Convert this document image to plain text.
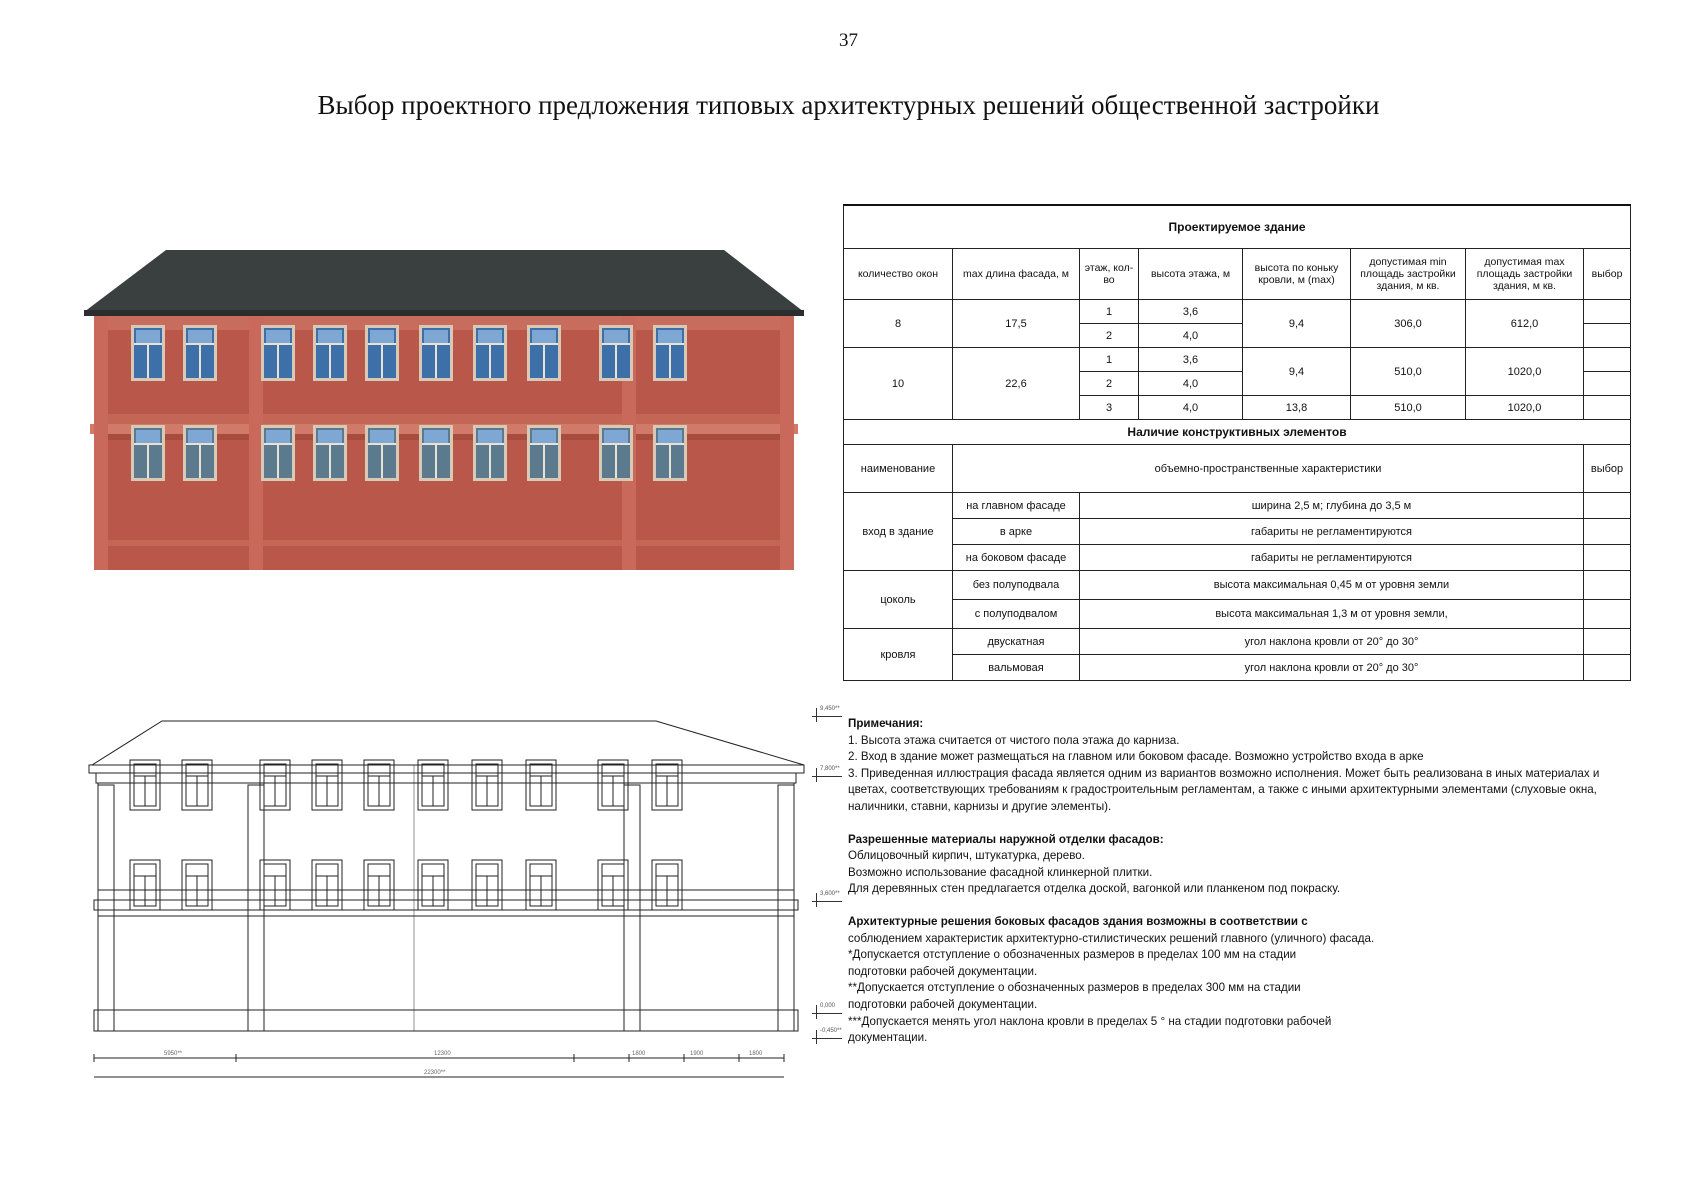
37
Выбор проектного предложения типовых архитектурных решений общественной застройки
Проектируемое здание							
количество окон	max длина фасада, м	этаж, кол-во	высота этажа, м	высота по коньку кровли, м (max)	допустимая min площадь застройки здания, м кв.	допустимая max площадь застройки здания, м кв.	выбор
8	17,5	1	3,6	9,4	306,0	612,0	
		2	4,0				
10	22,6	1	3,6	9,4	510,0	1020,0	
		2	4,0				
		3	4,0	13,8	510,0	1020,0	
Наличие конструктивных элементов							
наименование	объемно-пространственные характеристики						выбор
вход в здание	на главном фасаде	ширина 2,5 м; глубина до 3,5 м					
	в арке	габариты не регламентируются					
	на боковом фасаде	габариты не регламентируются					
цоколь	без полуподвала	высота максимальная 0,45 м от уровня земли					
	с полуподвалом	высота максимальная 1,3 м от уровня земли,					
кровля	двускатная	угол наклона кровли от 20° до 30°					
	вальмовая	угол наклона кровли от 20° до 30°					
5950**	12300	1800	1900	1800
22300**
9,450**
7,800**
3,600**
0,000
-0,450**

Примечания:

1. Высота этажа считается от чистого пола этажа до карниза.

2. Вход в здание может размещаться на главном или боковом фасаде. Возможно устройство входа в арке

3. Приведенная иллюстрация фасада является одним из вариантов возможно исполнения. Может быть реализована в иных материалах и цветах, соответствующих требованиям к градостроительным регламентам, а также с иными архитектурными элементами (слуховые окна, наличники, ставни, карнизы и другие элементы).

Разрешенные материалы наружной отделки фасадов:

Облицовочный кирпич, штукатурка, дерево.

Возможно использование фасадной клинкерной плитки.

Для деревянных стен предлагается отделка доской, вагонкой или планкеном под покраску.

Архитектурные решения боковых фасадов здания возможны в соответствии с

соблюдением характеристик архитектурно-стилистических решений главного (уличного) фасада.

*Допускается отступление о обозначенных размеров в пределах 100 мм на стадии

подготовки рабочей документации.

**Допускается отступление о обозначенных размеров в пределах 300 мм на стадии

подготовки рабочей документации.

***Допускается менять угол наклона кровли в пределах 5 ° на стадии подготовки рабочей

документации.
